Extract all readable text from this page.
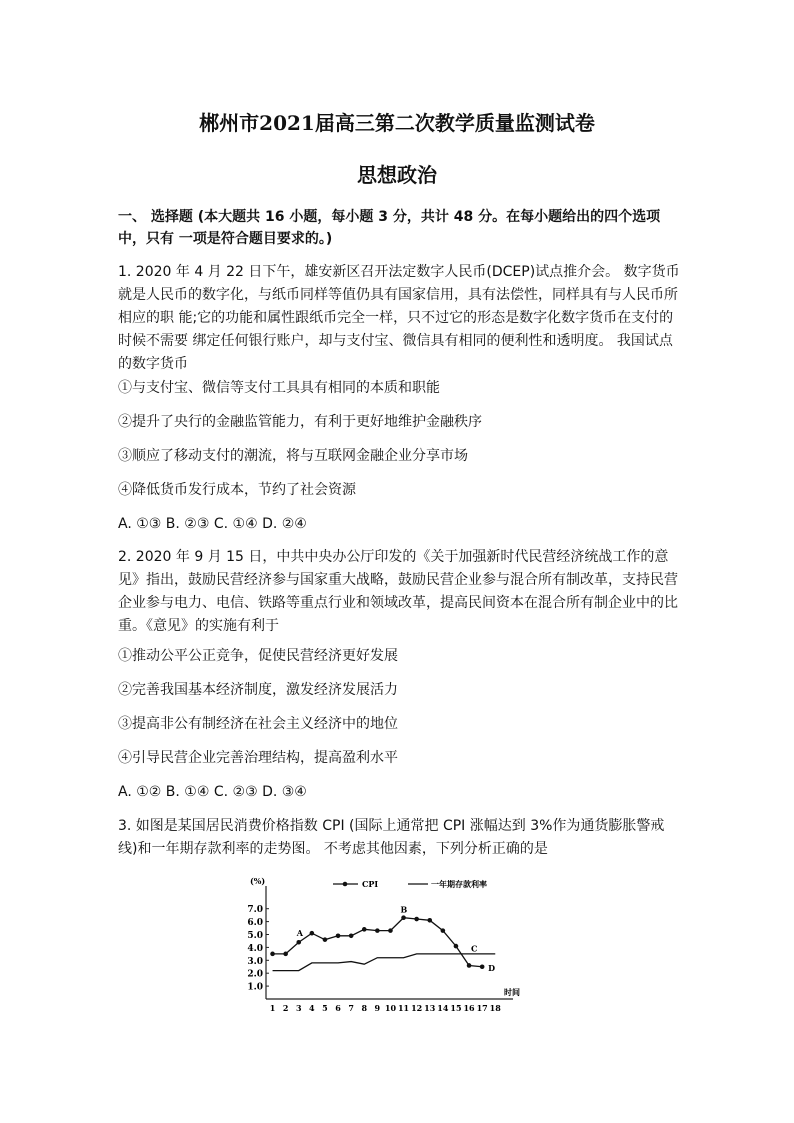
郴州市2021届高三第二次教学质量监测试卷
思想政治
一、 选择题 (本大题共 16 小题，每小题 3 分，共计 48 分。在每小题给出的四个选项中，只有 一项是符合题目要求的。)
1. 2020 年 4 月 22 日下午，雄安新区召开法定数字人民币(DCEP)试点推介会。 数字货币就是人民币的数字化，与纸币同样等值仍具有国家信用，具有法偿性，同样具有与人民币所相应的职 能;它的功能和属性跟纸币完全一样，只不过它的形态是数字化数字货币在支付的时候不需要 绑定任何银行账户，却与支付宝、微信具有相同的便利性和透明度。 我国试点的数字货币
①与支付宝、微信等支付工具具有相同的本质和职能
②提升了央行的金融监管能力，有利于更好地维护金融秩序
③顺应了移动支付的潮流，将与互联网金融企业分享市场
④降低货币发行成本，节约了社会资源
A. ①③ B. ②③ C. ①④ D. ②④
2. 2020 年 9 月 15 日，中共中央办公厅印发的《关于加强新时代民营经济统战工作的意见》指出，鼓励民营经济参与国家重大战略，鼓励民营企业参与混合所有制改革，支持民营企业参与电力、电信、铁路等重点行业和领域改革，提高民间资本在混合所有制企业中的比重。《意见》的实施有利于
①推动公平公正竞争，促使民营经济更好发展
②完善我国基本经济制度，激发经济发展活力
③提高非公有制经济在社会主义经济中的地位
④引导民营企业完善治理结构，提高盈利水平
A. ①② B. ①④ C. ②③ D. ③④
3. 如图是某国居民消费价格指数 CPI (国际上通常把 CPI 涨幅达到 3%作为通货膨胀警戒线)和一年期存款利率的走势图。 不考虑其他因素，下列分析正确的是
1.0
2.0
3.0
4.0
5.0
6.0
7.0
(%)
1 2 3 4 5 6 7 8 9 10 11 12 13 14 15 16 17 18
时间
CPI	一年期存款利率
A
B
C
D
